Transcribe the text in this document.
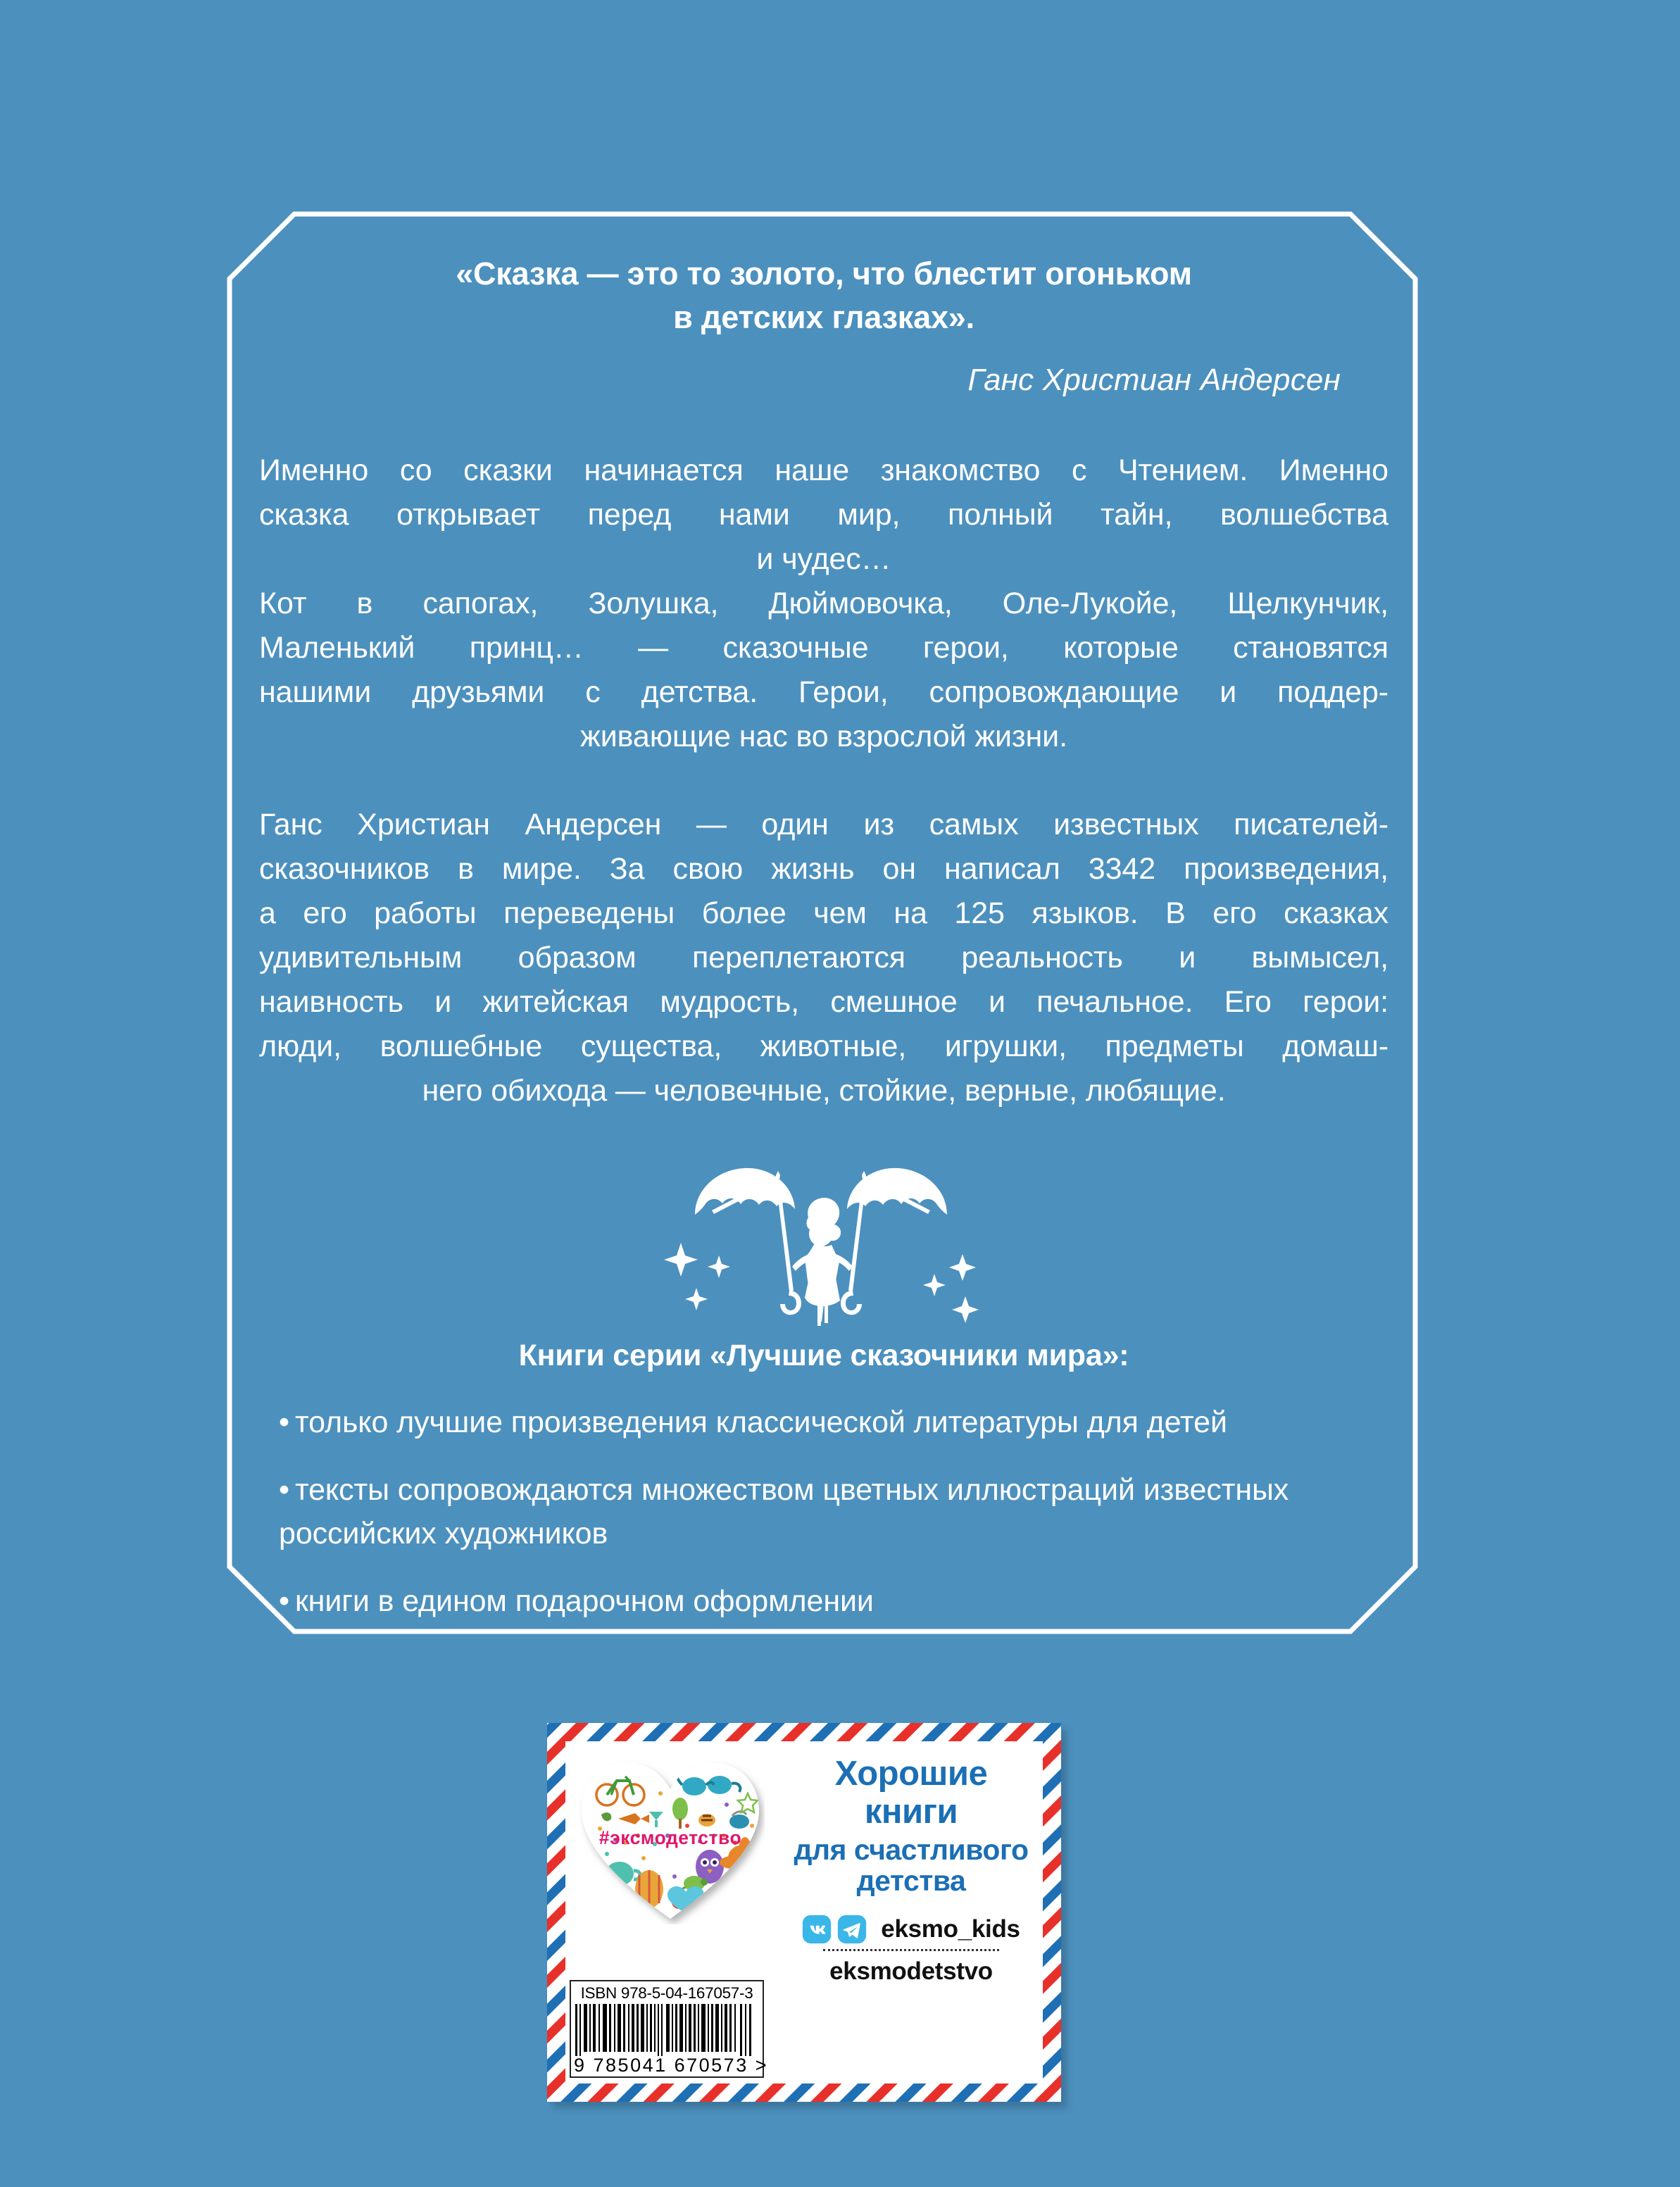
«Сказка — это то золото, что блестит огоньком
в детских глазках».
Ганс Христиан Андерсен
Именно со сказки начинается наше знакомство с Чтением. Именно
сказка открывает перед нами мир, полный тайн, волшебства
и чудес…
Кот в сапогах, Золушка, Дюймовочка, Оле-Лукойе, Щелкунчик,
Маленький принц… — сказочные герои, которые становятся
нашими друзьями с детства. Герои, сопровождающие и поддер-
живающие нас во взрослой жизни.
Ганс Христиан Андерсен — один из самых известных писателей-
сказочников в мире. За свою жизнь он написал 3342 произведения,
а его работы переведены более чем на 125 языков. В его сказках
удивительным образом переплетаются реальность и вымысел,
наивность и житейская мудрость, смешное и печальное. Его герои:
люди, волшебные существа, животные, игрушки, предметы домаш-
него обихода — человечные, стойкие, верные, любящие.
Книги серии «Лучшие сказочники мира»:
• только лучшие произведения классической литературы для детей
• тексты сопровождаются множеством цветных иллюстраций известных российских художников
• книги в едином подарочном оформлении
#эксмодетство
ISBN 978-5-04-167057-3
9 785041 670573 >
Хорошие
книги
для счастливого
детства
eksmo_kids
eksmodetstvo
